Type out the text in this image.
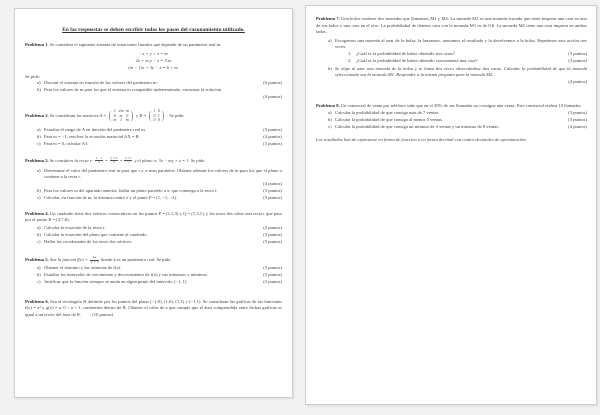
En las respuestas se deben escribir todos los pasos del razonamiento utilizado.
Problema 1. Se considera el siguiente sistema de ecuaciones lineales que depende de un parámetro real m:
−x + y + z = m
2x + m y − z = 3 m
(m − 1)x + 3y − z = 6 + m.
Se pide:
a) Discutir el sistema en función de los valores del parámetro m.	(6 puntos)
b) Para los valores de m para los que el sistema es compatible indeterminado, encontrar la solución.
(4 puntos)
Problema 2. Se consideran las matrices A = ( 1	2m	m
0	m	0
m	1	m ) y B = ( 1	0
0	1
0	0 ) . Se pide:
a) Estudiar el rango de A en función del parámetro real m.	(3 puntos)
b) Para m = −1, resolver la ecuación matricial AX = B.	(4 puntos)
c) Para m = 0, calcular A5.	(3 puntos)
Problema 3. Se considera la recta r: $\frac{x - 1}{2} = \frac{y + 2}{3} = \frac{z + 1}{-1}$ y el plano π: 3x − my + z = 1. Se pide:
a) Determinar el valor del parámetro real m para que r y π sean paralelos. Obtener además los valores de m para los que el plano π contiene a la recta r.
(4 puntos)
b) Para los valores m del apartado anterior, hallar un plano paralelo a π, que contenga a la recta r.	(3 puntos)
c) Calcular, en función de m, la distancia entre π y el punto P = (1, −1, −2).	(3 puntos)
Problema 4. Un cuadrado tiene dos vértices consecutivos en los puntos P = (2,1,3) y Q = (1,3,1), y los otros dos sobre una recta r que pasa por el punto R = (4,7,6).
a) Calcular la ecuación de la recta r.	(2 puntos)
b) Calcular la ecuación del plano que contiene al cuadrado.	(3 puntos)
c) Hallar las coordenadas de los otros dos vértices.	(5 puntos)
Problema 5. Sea la función $f(x) = \frac{kx}{\text{x² + 1}}$ donde k es un parámetro real. Se pide:
a) Obtener el dominio y las asíntotas de f(x).	(3 puntos)
b) Estudiar los intervalos de crecimiento y decrecimiento de f(x) y sus máximos y mínimos.	(5 puntos)
c) Justificar que la función siempre se anula en algún punto del intervalo [−1, 1].	(2 puntos)
Problema 6. Sea el rectángulo R definido por los puntos del plano (−1,0), (1,0), (1,1) y (−1,1). Se consideran las gráficas de las funciones f(x) = x² y g(x) = a, 0 < a < 1, contenidas dentro de R. Obtener el valor de a que cumple que el área comprendida entre dichas gráficas es igual a un tercio del área de R. (10 puntos)
Problema 7. Una bolsa contiene dos monedas que llamamos M1 y M2. La moneda M1 es una moneda trucada que tiene impresa una cara en uno de sus lados y una cruz en el otro. La probabilidad de obtener cara con la moneda M1 es de 0.6. La moneda M2 tiene una cara impresa en ambos lados.
a) Escogemos una moneda al azar de la bolsa, la lanzamos, anotamos el resultado y la devolvemos a la bolsa. Repetimos esta acción tres veces.
1. ¿Cuál es la probabilidad de haber obtenido tres caras?	(3 puntos)
2. ¿Cuál es la probabilidad de haber obtenido exactamente una cruz?	(3 puntos)
b) Se elige al azar una moneda de la bolsa y se lanza dos veces observándose dos caras. Calcular la probabilidad de que la moneda seleccionada sea la moneda M1. Responder a la misma pregunta para la moneda M2.
(4 puntos)
Problema 8. Un comercial de venta por teléfono sabe que en el 30% de sus llamadas no consigue una venta. Este comercial realiza 10 llamadas.
a) Calcular la probabilidad de que consiga más de 7 ventas.	(3 puntos)
b) Calcular la probabilidad de que consiga al menos 5 ventas.	(3 puntos)
c) Calcular la probabilidad de que consiga un mínimo de 3 ventas y un máximo de 8 ventas.	(4 puntos)
Los resultados han de expresarse en forma de fracción o en forma decimal con cuatro decimales de aproximación.
